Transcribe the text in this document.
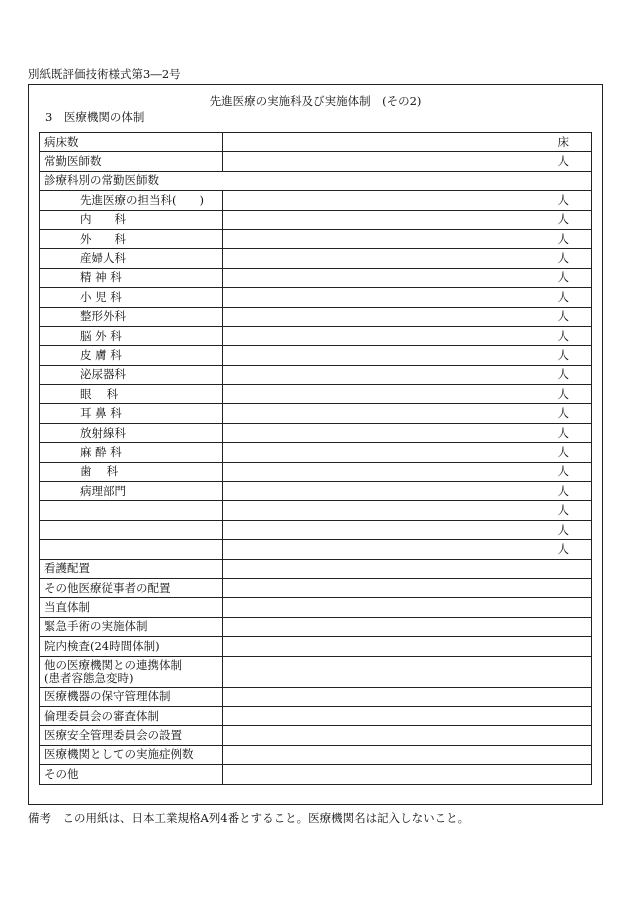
別紙既評価技術様式第3―2号
先進医療の実施科及び実施体制　(その2)
3　医療機関の体制
病床数	床
常勤医師数	人
診療科別の常勤医師数	
先進医療の担当科(　　)	人
内　　科	人
外　　科	人
産婦人科	人
精 神 科	人
小 児 科	人
整形外科	人
脳 外 科	人
皮 膚 科	人
泌尿器科	人
眼　 科	人
耳 鼻 科	人
放射線科	人
麻 酔 科	人
歯　 科	人
病理部門	人
	人
	人
	人
看護配置	
その他医療従事者の配置	
当直体制	
緊急手術の実施体制	
院内検査(24時間体制)	

他の医療機関との連携体制
(患者容態急変時)	

医療機器の保守管理体制	
倫理委員会の審査体制	
医療安全管理委員会の設置	
医療機関としての実施症例数	
その他	
備考　この用紙は、日本工業規格A列4番とすること。医療機関名は記入しないこと。
